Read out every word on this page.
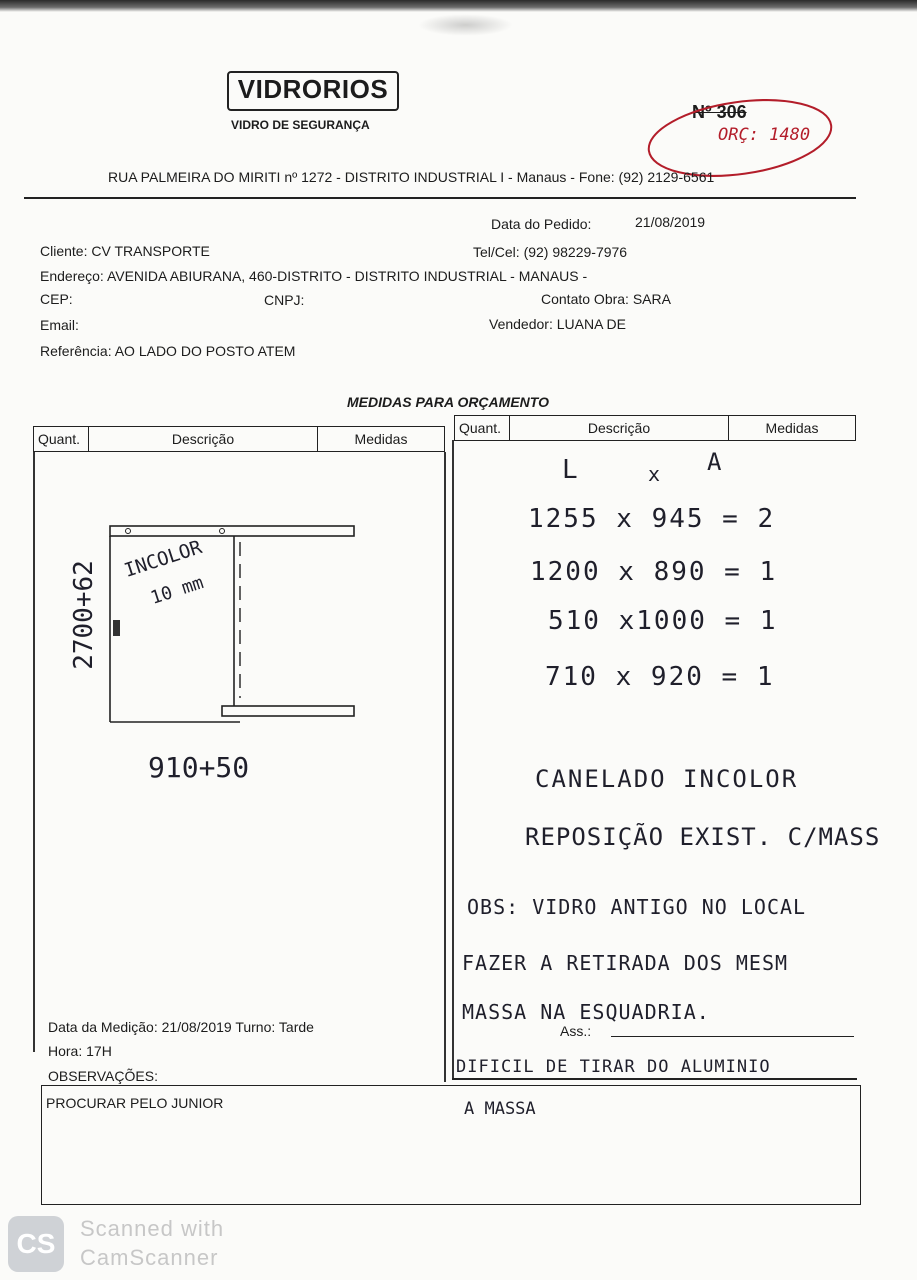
VIDRORIOS
VIDRO DE SEGURANÇA
Nº 306
ORÇ: 1480
RUA PALMEIRA DO MIRITI nº 1272 - DISTRITO INDUSTRIAL I - Manaus - Fone: (92) 2129-6561
Data do Pedido:	21/08/2019
Cliente: CV TRANSPORTE	Tel/Cel: (92) 98229-7976
Endereço: AVENIDA ABIURANA, 460-DISTRITO - DISTRITO INDUSTRIAL - MANAUS -
CEP:	CNPJ:	Contato Obra: SARA
Email:	Vendedor: LUANA DE
Referência: AO LADO DO POSTO ATEM
MEDIDAS PARA ORÇAMENTO
Quant.	Descrição	Medidas
Quant.	Descrição	Medidas
INCOLOR
10 mm
2700+62
910+50
L	x A
1255 x 945 = 2
1200 x 890 = 1
510 x1000 = 1
710 x 920 = 1
CANELADO INCOLOR
REPOSIÇÃO EXIST. C/MASS
OBS: VIDRO ANTIGO NO LOCAL
FAZER A RETIRADA DOS MESM
MASSA NA ESQUADRIA.
DIFICIL DE TIRAR DO ALUMINIO
A MASSA
Data da Medição: 21/08/2019 Turno: Tarde
Hora: 17H
Ass.:
OBSERVAÇÕES:
PROCURAR PELO JUNIOR
CS	Scanned with
CamScanner
